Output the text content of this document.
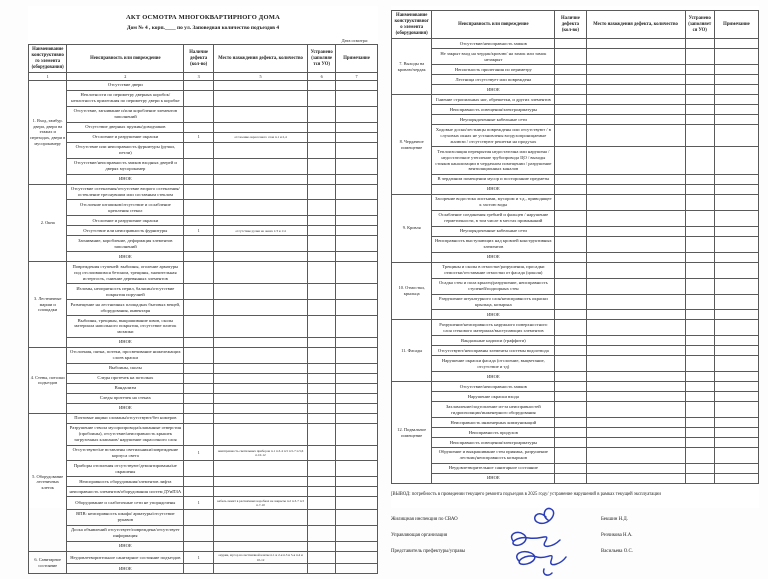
АКТ ОСМОТРА МНОГОКВАРТИРНОГО ДОМА
Дом № 4 , корп.____ по ул. Заповедная количество подъездов 4
Дата осмотра:
Наименование конструктивного элемента (оборудования)	Неисправность или повреждение	Наличие дефекта (кол-во)	Место нахождения дефекта, количество	Устранено (заполняется УО)	Примечание
1	2	3	5	6	7
1. Вход.,тамбур. двери, двери на этажах и переходах, двери в мусорокамеру	Отсутствие двери				
	Неплотности по периметру дверных коробок/неплотность прилегания по периметру двери к коробке				
	Отсутствие, загнивание и/или коробление элементов заполнений				
	Отсутствие дверных пружин/доводчиков				
	Отслоение и разрушение окраски	1	отслоение окрасочного слоя п.1 и 2,4		
	Отсутствие или неисправность фурнитуры (ручки, петли)				
	Отсутствие/неисправность замков входных дверей и дверях мусорокамер				
	ИНОЕ				
2. Окна	Отсутствие остекления/отсутствие второго остекления/остекление треснувшим или составным стеклом				
	Отслоение штапиков/отсутствие и ослабление крепления стекол				
	Отслоение и разрушение окраски				
	Отсутствие или неисправность фурнитуры	1	отсутствие ручки на окнах 1/3 и 1/4		
	Загнивание, коробление, деформация элементов заполнений				
	ИНОЕ				
3. Лестничные марши и площадки	Повреждения ступеней: выбоины, оголение арматуры под отслоившимся бетоном, трещины, значительная истертость, гниение деревянных элементов				
	Изломы, неопрятность перил, балясин/отсутствие покрытия поручней				
	Размещение на лестничных площадках бытовых вещей, оборудования, инвентаря				
	Выбоины, трещины, выкрашивание швов, сколы материала напольного покрытия, отсутствие плиток мозаики				
	ИНОЕ				
4. Стены, потолки подъездов	Отслоения, пятна, потеки, просвечивание нижележащих слоев краски				
	Выбоины, сколы				
	Следы протечек на потолках				
	Вандализм				
	Следы протечек на стенах				
	ИНОЕ				
5. Оборудование лестничных клеток	Почтовые ящики сломаны/отсутствуют/без номеров				
	Разрушение ствола мусоропровода/клапанные отверстия (пробоины), отсутствие/неисправность крышек загрузочных клапанов/ нарушение окрасочного слоя				
	Отсутствуют/не вставлены светильники/повреждение корпуса света	1	неисправность светильных приборов п.1 п.3-4 п.5 п.5-7 п.5,6 п.10-12		
	Приборы отопления отсутствуют/демонтированы/не окрашены				
	Неисправность оборудования/элементов лифта				
	неисправность элементов/оборудования систем ДУиПЗА				
	Оборудование и слаботочные сети не упорядочены	1	кабель лежит в распаячных коробках не закрыты п.2 п.3-7 п.3 п.7-10		
	ВПВ: неисправность шкафа/ арматуры/отсутствие рукавов				
	Доска объявлений отсутствует/повреждена/отсутствует информация				
	ИНОЕ				
6. Санитарное состояние	Неудовлетворительное санитарное состояние подъездов	1	окурки, мусор на лестничной клетке п.1 и 2-я п.3 и 5-я п.4 и 10-12		
	ИНОЕ				
Наименование конструктивного элемента (оборудования)	Неисправность или повреждение	Наличие дефекта (кол-во)	Место нахождения дефекта, количество	Устранено (заполняется УО)	Примечание
7. Выходы на кровлю/чердак	Отсутствие/неисправность замков				
	Не закрыт вход на чердак/кровлю/ на замок или замок незакрыт				
	Неплотность прилегания по периметру				
	Лестница отсутствует или повреждена				
	ИНОЕ				
8. Чердачное помещение	Гниение стропильных ног, обрешетки, и других элементов				
	Неисправность освещения/электроарматуры				
	Неупорядоченные кабельные сети				
	Ходовые доски/лестницы повреждены или отсутствуют / в слуховых окнах не установлены воздухопроницаемые жалюзи / отсутствуют решетки на продухах				
	Теплоизоляция перекрытия недостаточна или нарушена / недостаточное утепление трубопровода ЦО / выходы стояков канализации в чердачном помещении / разрушение вентиляционных каналов				
	В чердачном помещении мусор и посторонние предметы				
	ИНОЕ				
9. Кровля	Засорение водостока листьями, мусором и т.д., приводящее к застою воды				
	Ослабление соединения гребней и фальцев / нарушение герметичности, в том числе в местах примыканий				
	Неупорядоченные кабельные сети				
	Неисправность выступающих над кровлей конструктивных элементов				
	ИНОЕ				
10. Отмостки, крыльца	Трещины и сколы в отмостке/разрушения, просадки отмостки/отставание отмостки от фасада (цоколя)				
	Осадка стен и пола крылец/разрушение, неисправность ступеней/подпорных стен				
	Разрушение штукатурного слоя/неисправность окраски крыльца, козырька				
	ИНОЕ				
11. Фасады	Разрушение/неисправность наружного поверхностного слоя стенового материала/выступающих элементов				
	Вандальные надписи (граффити)				
	Отсутствуют/неисправны элементы системы водоотвода				
	Нарушение окраски фасада (отслоение, выцветание, отсутствие и тд)				
	ИНОЕ				
12. Подвальное помещение	Отсутствие/неисправность замков				
	Нарушение окраски входа				
	Захламление/подтопление из-за неисправностей гидроизоляции/инженерного оборудования				
	Неисправность инженерных коммуникаций				
	Неисправность продухов				
	Неисправность освещения/электроарматуры				
	Обрушение и выкрашивание стен приямка, разрушение лестниц/неисправность козырьков				
	Неудовлетворительное санитарное состояние				
	ИНОЕ				
[ВЫВОД: потребность в проведении текущего ремонта подъездов в 2025 году/ устранение нарушений в рамках текущей эксплуатации
Жилищная инспекция по СВАО	Бекшин Н.Д.
Управляющая организация	Резчикова Н.А.
Представитель префектуры/управы	Васильева О.С.
